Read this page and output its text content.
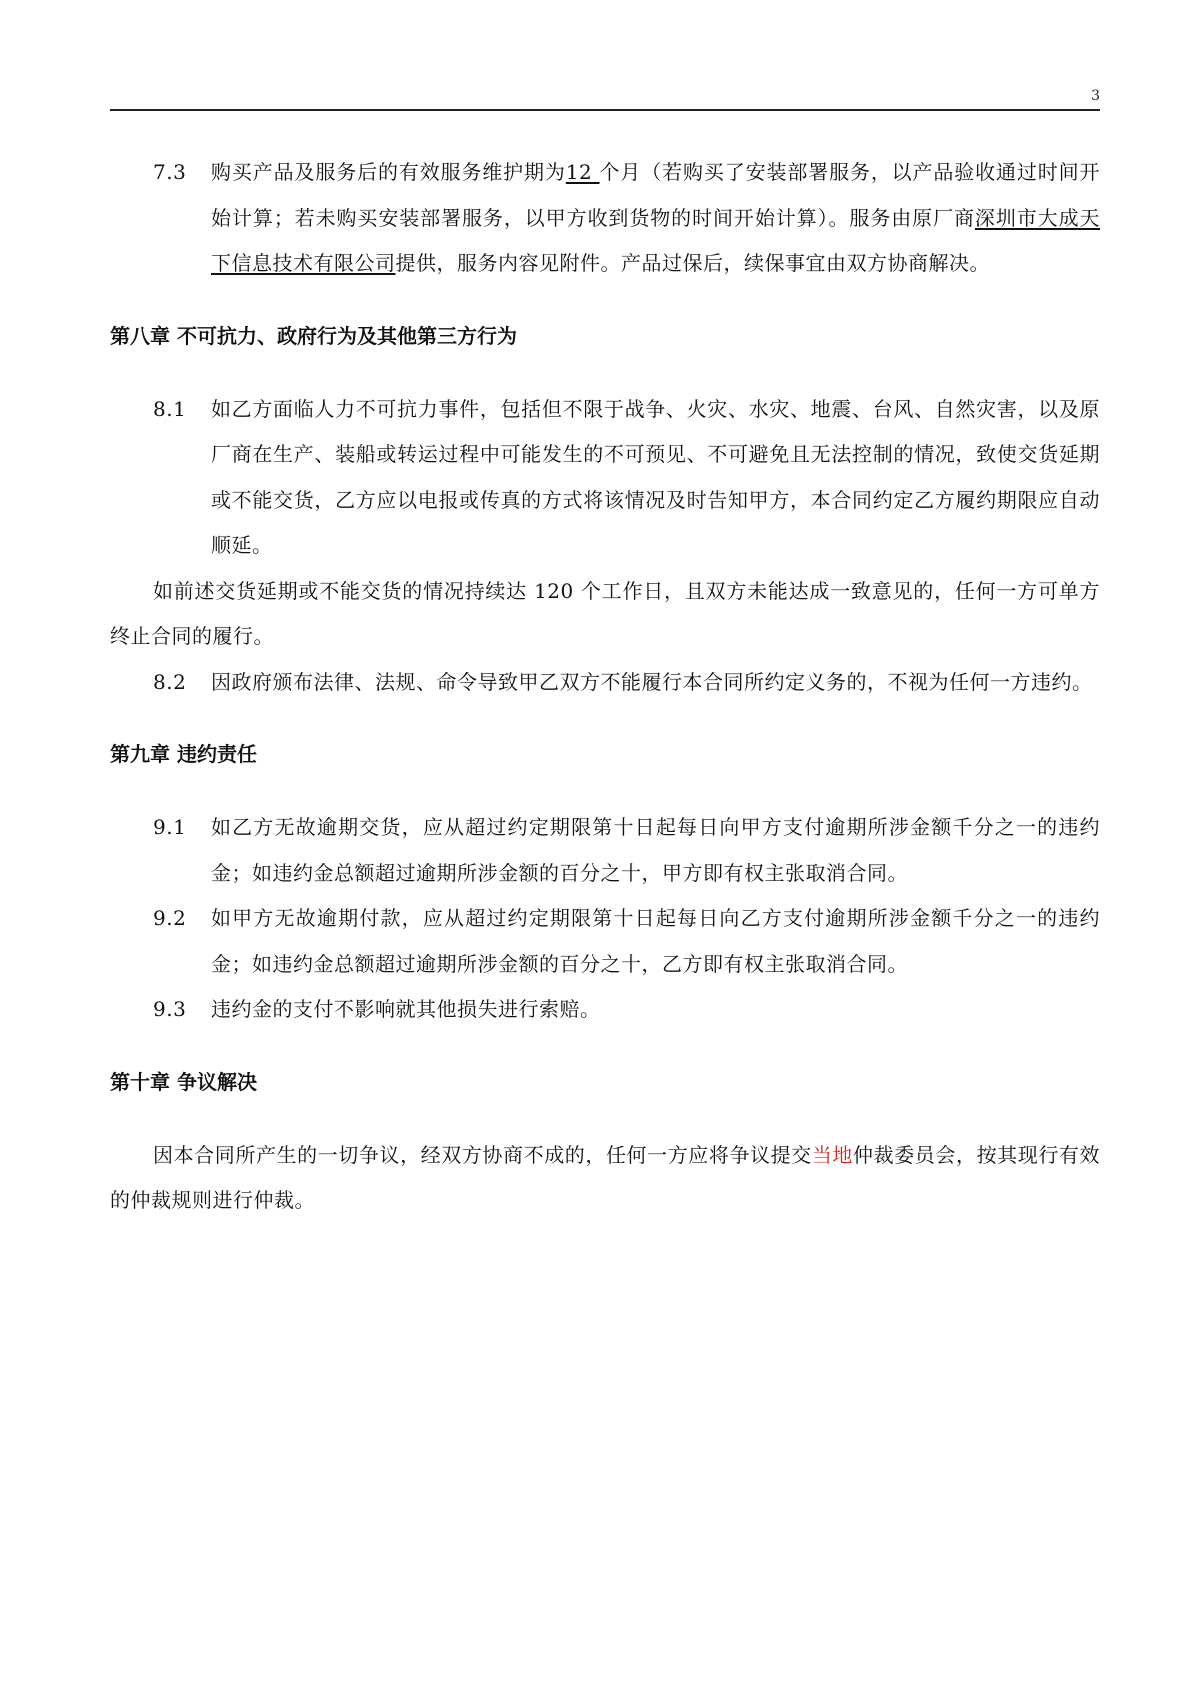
3
7.3 购买产品及服务后的有效服务维护期为12 个月（若购买了安装部署服务，以产品验收通过时间开始计算；若未购买安装部署服务，以甲方收到货物的时间开始计算）。服务由原厂商深圳市大成天下信息技术有限公司提供，服务内容见附件。产品过保后，续保事宜由双方协商解决。
第八章 不可抗力、政府行为及其他第三方行为
8.1 如乙方面临人力不可抗力事件，包括但不限于战争、火灾、水灾、地震、台风、自然灾害，以及原厂商在生产、装船或转运过程中可能发生的不可预见、不可避免且无法控制的情况，致使交货延期或不能交货，乙方应以电报或传真的方式将该情况及时告知甲方，本合同约定乙方履约期限应自动顺延。
如前述交货延期或不能交货的情况持续达 120 个工作日，且双方未能达成一致意见的，任何一方可单方终止合同的履行。
8.2 因政府颁布法律、法规、命令导致甲乙双方不能履行本合同所约定义务的，不视为任何一方违约。
第九章 违约责任
9.1 如乙方无故逾期交货，应从超过约定期限第十日起每日向甲方支付逾期所涉金额千分之一的违约金；如违约金总额超过逾期所涉金额的百分之十，甲方即有权主张取消合同。
9.2 如甲方无故逾期付款，应从超过约定期限第十日起每日向乙方支付逾期所涉金额千分之一的违约金；如违约金总额超过逾期所涉金额的百分之十，乙方即有权主张取消合同。
9.3 违约金的支付不影响就其他损失进行索赔。
第十章 争议解决
因本合同所产生的一切争议，经双方协商不成的，任何一方应将争议提交当地仲裁委员会，按其现行有效的仲裁规则进行仲裁。
